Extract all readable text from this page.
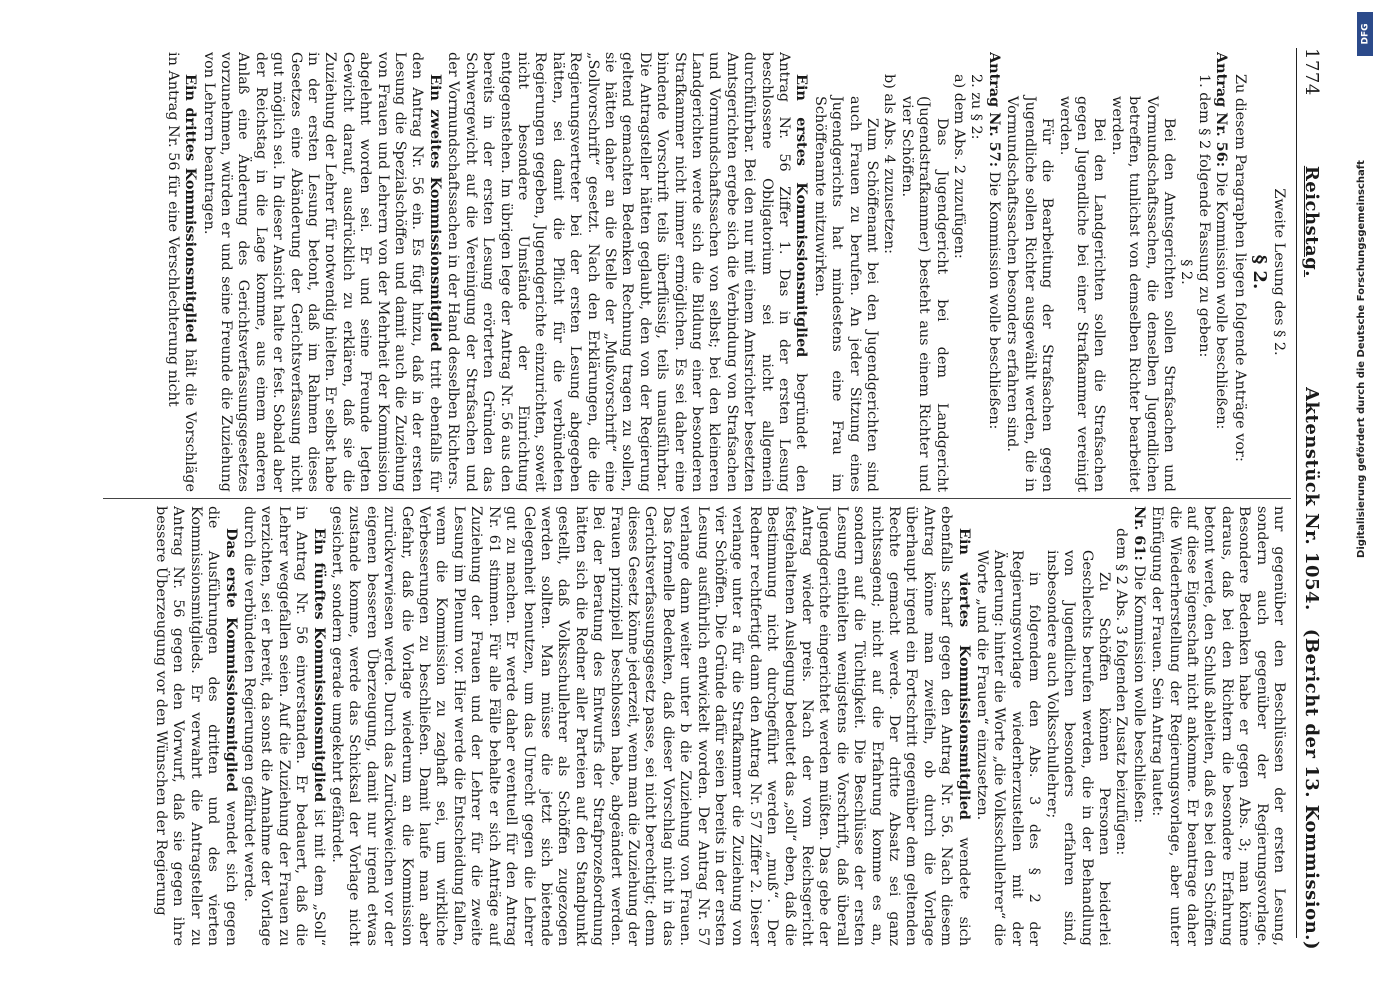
1774
Reichstag.
Aktenstück Nr. 1054.
(Bericht der 13. Kommission.)

Zweite Lesung des § 2.

§ 2.

Zu diesem Paragraphen liegen folgende Anträge vor:

Antrag Nr. 56: Die Kommission wolle beschließen:

1. dem § 2 folgende Fassung zu geben:

§ 2.

Bei den Amtsgerichten sollen Strafsachen und Vormundschaftssachen, die denselben Jugendlichen betreffen, tunlichst von demselben Richter bearbeitet werden.

Bei den Landgerichten sollen die Strafsachen gegen Jugendliche bei einer Strafkammer vereinigt werden.

Für die Bearbeitung der Strafsachen gegen Jugendliche sollen Richter ausgewählt werden, die in Vormundschaftssachen besonders erfahren sind.

Antrag Nr. 57: Die Kommission wolle beschließen:

2. zu § 2:

a) dem Abs. 2 zuzufügen:

Das Jugendgericht bei dem Landgericht (Jugendstrafkammer) besteht aus einem Richter und vier Schöffen.

b) als Abs. 4 zuzusetzen:

Zum Schöffenamt bei den Jugendgerichten sind auch Frauen zu berufen. An jeder Sitzung eines Jugendgerichts hat mindestens eine Frau im Schöffenamte mitzuwirken.

Ein erstes Kommissionsmitglied begründet den Antrag Nr. 56 Ziffer 1. Das in der ersten Lesung beschlossene Obligatorium sei nicht allgemein durchführbar. Bei den nur mit einem Amtsrichter besetzten Amtsgerichten ergebe sich die Verbindung von Strafsachen und Vormundschaftssachen von selbst; bei den kleineren Landgerichten werde sich die Bildung einer besonderen Strafkammer nicht immer ermöglichen. Es sei daher eine bindende Vorschrift teils überflüssig, teils unausführbar. Die Antragsteller hätten geglaubt, den von der Regierung geltend gemachten Bedenken Rechnung tragen zu sollen, sie hätten daher an die Stelle der „Mußvorschrift“ eine „Sollvorschrift“ gesetzt. Nach den Erklärungen, die die Regierungsvertreter bei der ersten Lesung abgegeben hätten, sei damit die Pflicht für die verbündeten Regierungen gegeben, Jugendgerichte einzurichten, soweit nicht besondere Umstände der Einrichtung entgegenstehen. Im übrigen lege der Antrag Nr. 56 aus den bereits in der ersten Lesung erörterten Gründen das Schwergewicht auf die Vereinigung der Strafsachen und der Vormundschaftssachen in der Hand desselben Richters.

Ein zweites Kommissionsmitglied tritt ebenfalls für den Antrag Nr. 56 ein. Es fügt hinzu, daß in der ersten Lesung die Spezialschöffen und damit auch die Zuziehung von Frauen und Lehrern von der Mehrheit der Kommission abgelehnt worden sei. Er und seine Freunde legten Gewicht darauf, ausdrücklich zu erklären, daß sie die Zuziehung der Lehrer für notwendig hielten. Er selbst habe in der ersten Lesung betont, daß im Rahmen dieses Gesetzes eine Abänderung der Gerichtsverfassung nicht gut möglich sei. In dieser Ansicht halte er fest. Sobald aber der Reichstag in die Lage komme, aus einem anderen Anlaß eine Änderung des Gerichtsverfassungsgesetzes vorzunehmen, würden er und seine Freunde die Zuziehung von Lehrern beantragen.

Ein drittes Kommissionsmitglied hält die Vorschläge in Antrag Nr. 56 für eine Verschlechterung nicht

nur gegenüber den Beschlüssen der ersten Lesung, sondern auch gegenüber der Regierungsvorlage. Besondere Bedenken habe er gegen Abs. 3; man könne daraus, daß bei den Richtern die besondere Erfahrung betont werde, den Schluß ableiten, daß es bei den Schöffen auf diese Eigenschaft nicht ankomme. Er beantrage daher die Wiederherstellung der Regierungsvorlage, aber unter Einfügung der Frauen. Sein Antrag lautet:

Nr. 61: Die Kommission wolle beschließen:

dem § 2 Abs. 3 folgenden Zusatz beizufügen:

Zu Schöffen können Personen beiderlei Geschlechts berufen werden, die in der Behandlung von Jugendlichen besonders erfahren sind, insbesondere auch Volksschullehrer;

in folgendem den Abs. 3 des § 2 der Regierungsvorlage wiederherzustellen mit der Änderung: hinter die Worte „die Volksschullehrer“ die Worte „und die Frauen“ einzusetzen.

Ein viertes Kommissionsmitglied wendete sich ebenfalls scharf gegen den Antrag Nr. 56. Nach diesem Antrag könne man zweifeln, ob durch die Vorlage überhaupt irgend ein Fortschritt gegenüber dem geltenden Rechte gemacht werde. Der dritte Absatz sei ganz nichtssagend; nicht auf die Erfahrung komme es an, sondern auf die Tüchtigkeit. Die Beschlüsse der ersten Lesung enthielten wenigstens die Vorschrift, daß überall Jugendgerichte eingerichtet werden müßten. Das gebe der Antrag wieder preis. Nach der vom Reichsgericht festgehaltenen Auslegung bedeutet das „soll“ eben, daß die Bestimmung nicht durchgeführt werden „muß“. Der Redner rechtfertigt dann den Antrag Nr. 57 Ziffer 2. Dieser verlange unter a für die Strafkammer die Zuziehung von vier Schöffen. Die Gründe dafür seien bereits in der ersten Lesung ausführlich entwickelt worden. Der Antrag Nr. 57 verlange dann weiter unter b die Zuziehung von Frauen. Das formelle Bedenken, daß dieser Vorschlag nicht in das Gerichtsverfassungsgesetz passe, sei nicht berechtigt; denn dieses Gesetz könne jederzeit, wenn man die Zuziehung der Frauen prinzipiell beschlossen habe, abgeändert werden. Bei der Beratung des Entwurfs der Strafprozeßordnung hätten sich die Redner aller Parteien auf den Standpunkt gestellt, daß Volksschullehrer als Schöffen zugezogen werden sollten. Man müsse die jetzt sich bietende Gelegenheit benutzen, um das Unrecht gegen die Lehrer gut zu machen. Er werde daher eventuell für den Antrag Nr. 61 stimmen. Für alle Fälle behalte er sich Anträge auf Zuziehung der Frauen und der Lehrer für die zweite Lesung im Plenum vor. Hier werde die Entscheidung fallen, wenn die Kommission zu zaghaft sei, um wirkliche Verbesserungen zu beschließen. Damit laufe man aber Gefahr, daß die Vorlage wiederum an die Kommission zurückverwiesen werde. Durch das Zurückweichen vor der eigenen besseren Überzeugung, damit nur irgend etwas zustande komme, werde das Schicksal der Vorlage nicht gesichert, sondern gerade umgekehrt gefährdet.

Ein fünftes Kommissionsmitglied ist mit dem „Soll“ in Antrag Nr. 56 einverstanden. Er bedauert, daß die Lehrer weggefallen seien. Auf die Zuziehung der Frauen zu verzichten, sei er bereit, da sonst die Annahme der Vorlage durch die verbündeten Regierungen gefährdet werde.

Das erste Kommissionsmitglied wendet sich gegen die Ausführungen des dritten und des vierten Kommissionsmitglieds. Er verwahrt die Antragsteller zu Antrag Nr. 56 gegen den Vorwurf, daß sie gegen ihre bessere Überzeugung vor den Wünschen der Regierung

DFG
Digitalisierung gefördert durch die Deutsche Forschungsgemeinschaft
